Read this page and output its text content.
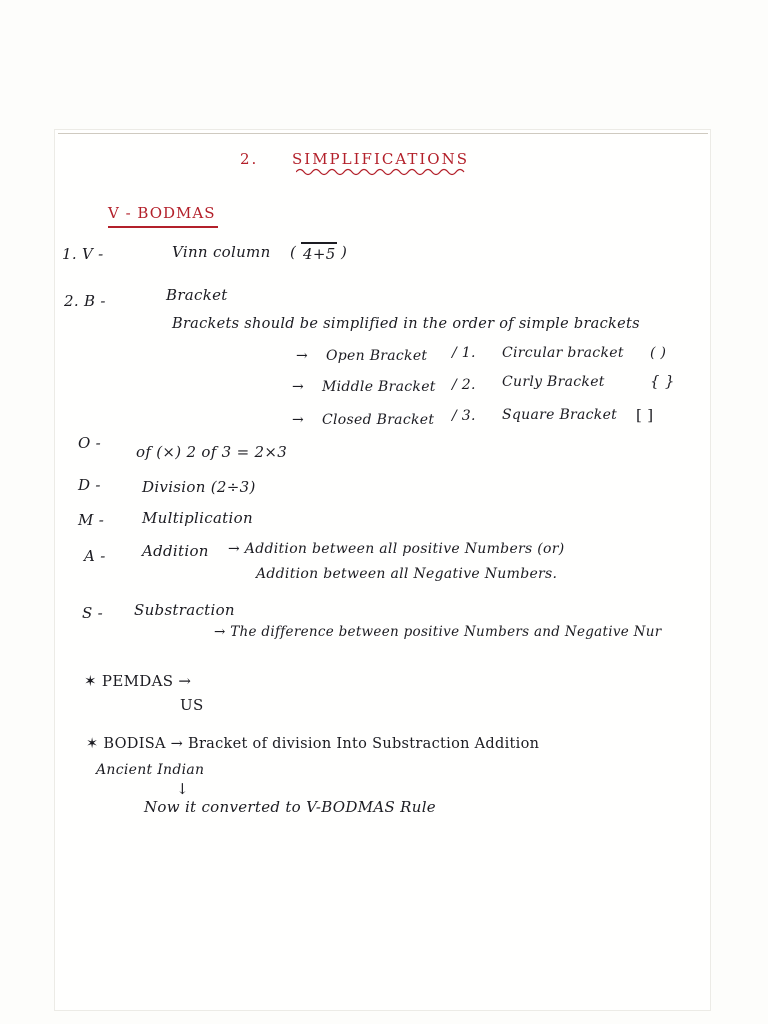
2. SIMPLIFICATIONS
V - BODMAS
1. V -	Vinn column ( 4+5 )
2. B -	Bracket
Brackets should be simplified in the order of simple brackets
→ Open Bracket / 1. Circular bracket ( )
→ Middle Bracket / 2. Curly Bracket	{ }
→ Closed Bracket / 3. Square Bracket [ ]
O - of (×) 2 of 3 = 2×3
D -	Division (2÷3)
M -	Multiplication
A - Addition → Addition between all positive Numbers (or)
Addition between all Negative Numbers.
S - Substraction
→ The difference between positive Numbers and Negative Nur
✶ PEMDAS →
US
✶ BODISA → Bracket of division Into Substraction Addition
Ancient Indian
↓
Now it converted to V-BODMAS Rule
